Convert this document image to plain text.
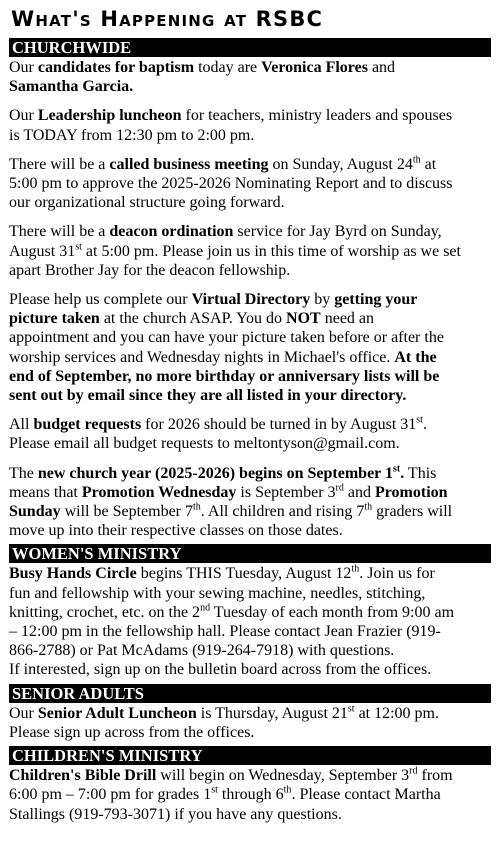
What's Happening at RSBC
CHURCHWIDE
Our candidates for baptism today are Veronica Flores and
Samantha Garcia.
Our Leadership luncheon for teachers, ministry leaders and spouses
is TODAY from 12:30 pm to 2:00 pm.
There will be a called business meeting on Sunday, August 24th at
5:00 pm to approve the 2025-2026 Nominating Report and to discuss
our organizational structure going forward.
There will be a deacon ordination service for Jay Byrd on Sunday,
August 31st at 5:00 pm. Please join us in this time of worship as we set
apart Brother Jay for the deacon fellowship.
Please help us complete our Virtual Directory by getting your
picture taken at the church ASAP. You do NOT need an
appointment and you can have your picture taken before or after the
worship services and Wednesday nights in Michael's office. At the
end of September, no more birthday or anniversary lists will be
sent out by email since they are all listed in your directory.
All budget requests for 2026 should be turned in by August 31st.
Please email all budget requests to meltontyson@gmail.com.
The new church year (2025-2026) begins on September 1st. This
means that Promotion Wednesday is September 3rd and Promotion
Sunday will be September 7th. All children and rising 7th graders will
move up into their respective classes on those dates.
WOMEN'S MINISTRY
Busy Hands Circle begins THIS Tuesday, August 12th. Join us for
fun and fellowship with your sewing machine, needles, stitching,
knitting, crochet, etc. on the 2nd Tuesday of each month from 9:00 am
– 12:00 pm in the fellowship hall. Please contact Jean Frazier (919-
866-2788) or Pat McAdams (919-264-7918) with questions.
If interested, sign up on the bulletin board across from the offices.
SENIOR ADULTS
Our Senior Adult Luncheon is Thursday, August 21st at 12:00 pm.
Please sign up across from the offices.
CHILDREN'S MINISTRY
Children's Bible Drill will begin on Wednesday, September 3rd from
6:00 pm – 7:00 pm for grades 1st through 6th. Please contact Martha
Stallings (919-793-3071) if you have any questions.
